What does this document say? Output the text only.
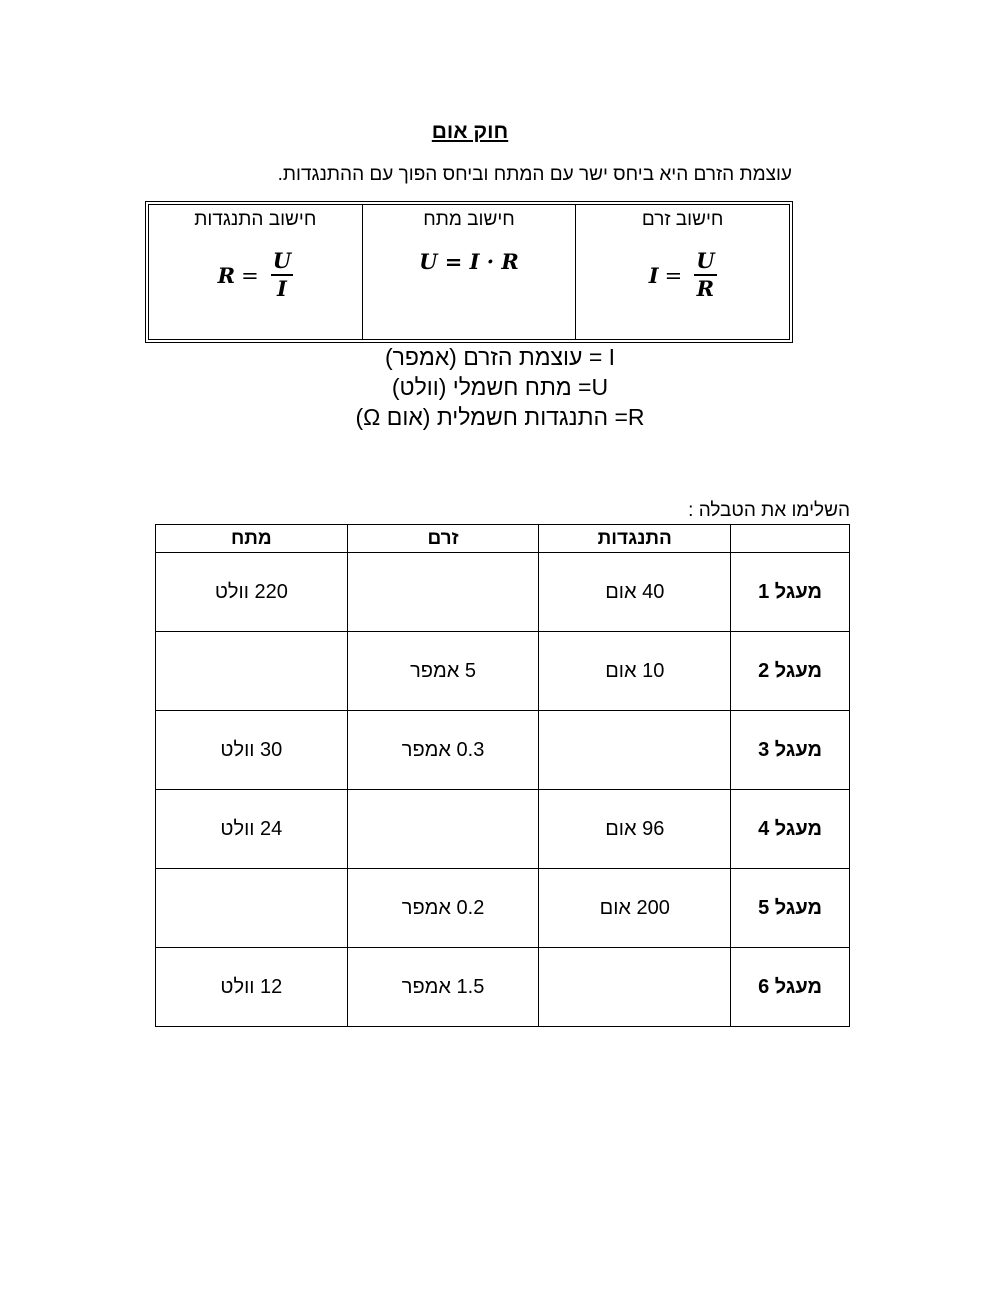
חוק אום
עוצמת הזרם היא ביחס ישר עם המתח וביחס הפוך עם ההתנגדות.
חישוב זרם
$I = \frac{U}{R}$
חישוב מתח
U = I · R
חישוב התנגדות
$R = \frac{U}{I}$
I = עוצמת הזרם (אמפר)
U= מתח חשמלי (וולט)
R= התנגדות חשמלית (אום Ω)
השלימו את הטבלה :
	התנגדות	זרם	מתח
מעגל 1	40 אום		220 וולט
מעגל 2	10 אום	5 אמפר	
מעגל 3		0.3 אמפר	30 וולט
מעגל 4	96 אום		24 וולט
מעגל 5	200 אום	0.2 אמפר	
מעגל 6		1.5 אמפר	12 וולט
